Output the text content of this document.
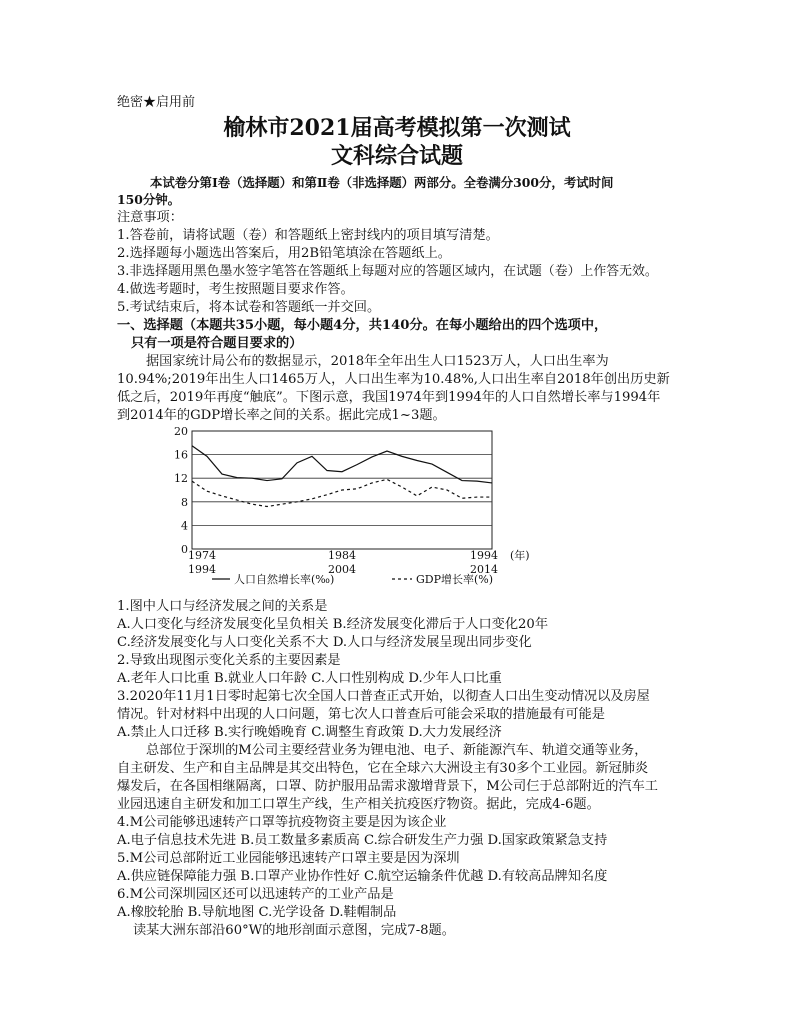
绝密★启用前
榆林市2021届高考模拟第一次测试
文科综合试题
本试卷分第Ⅰ卷（选择题）和第Ⅱ卷（非选择题）两部分。全卷满分300分，考试时间
150分钟。
注意事项：
1.答卷前，请将试题（卷）和答题纸上密封线内的项目填写清楚。
2.选择题每小题选出答案后，用2B铅笔填涂在答题纸上。
3.非选择题用黑色墨水签字笔答在答题纸上每题对应的答题区域内，在试题（卷）上作答无效。
4.做选考题时，考生按照题目要求作答。
5.考试结束后，将本试卷和答题纸一并交回。
一、选择题（本题共35小题，每小题4分，共140分。在每小题给出的四个选项中，
只有一项是符合题目要求的）
据国家统计局公布的数据显示，2018年全年出生人口1523万人，人口出生率为
10.94%;2019年出生人口1465万人，人口出生率为10.48%,人口出生率自2018年创出历史新
低之后，2019年再度“触底”。下图示意，我国1974年到1994年的人口自然增长率与1994年
到2014年的GDP增长率之间的关系。据此完成1~3题。
0
4
8
12
16
20
1974	1984	1994
1994	2004	2014
(年)
人口自然增长率(‰)	GDP增长率(%)
1.图中人口与经济发展之间的关系是
A.人口变化与经济发展变化呈负相关 B.经济发展变化滞后于人口变化20年
C.经济发展变化与人口变化关系不大 D.人口与经济发展呈现出同步变化
2.导致出现图示变化关系的主要因素是
A.老年人口比重 B.就业人口年龄 C.人口性别构成 D.少年人口比重
3.2020年11月1日零时起第七次全国人口普查正式开始，以彻查人口出生变动情况以及房屋
情况。针对材料中出现的人口问题，第七次人口普查后可能会采取的措施最有可能是
A.禁止人口迁移 B.实行晚婚晚育 C.调整生育政策 D.大力发展经济
总部位于深圳的M公司主要经营业务为锂电池、电子、新能源汽车、轨道交通等业务，
自主研发、生产和自主品牌是其交出特色，它在全球六大洲设主有30多个工业园。新冠肺炎
爆发后，在各国相继隔离，口罩、防护服用品需求激增背景下，M公司仨于总部附近的汽车工
业园迅速自主研发和加工口罩生产线，生产相关抗疫医疗物资。据此，完成4-6题。
4.M公司能够迅速转产口罩等抗疫物资主要是因为该企业
A.电子信息技术先进 B.员工数量多素质高 C.综合研发生产力强 D.国家政策紧急支持
5.M公司总部附近工业园能够迅速转产口罩主要是因为深圳
A.供应链保障能力强 B.口罩产业协作性好 C.航空运输条件优越 D.有较高品牌知名度
6.M公司深圳园区还可以迅速转产的工业产品是
A.橡胶轮胎 B.导航地图 C.光学设备 D.鞋帽制品
读某大洲东部沿60°W的地形剖面示意图，完成7-8题。
